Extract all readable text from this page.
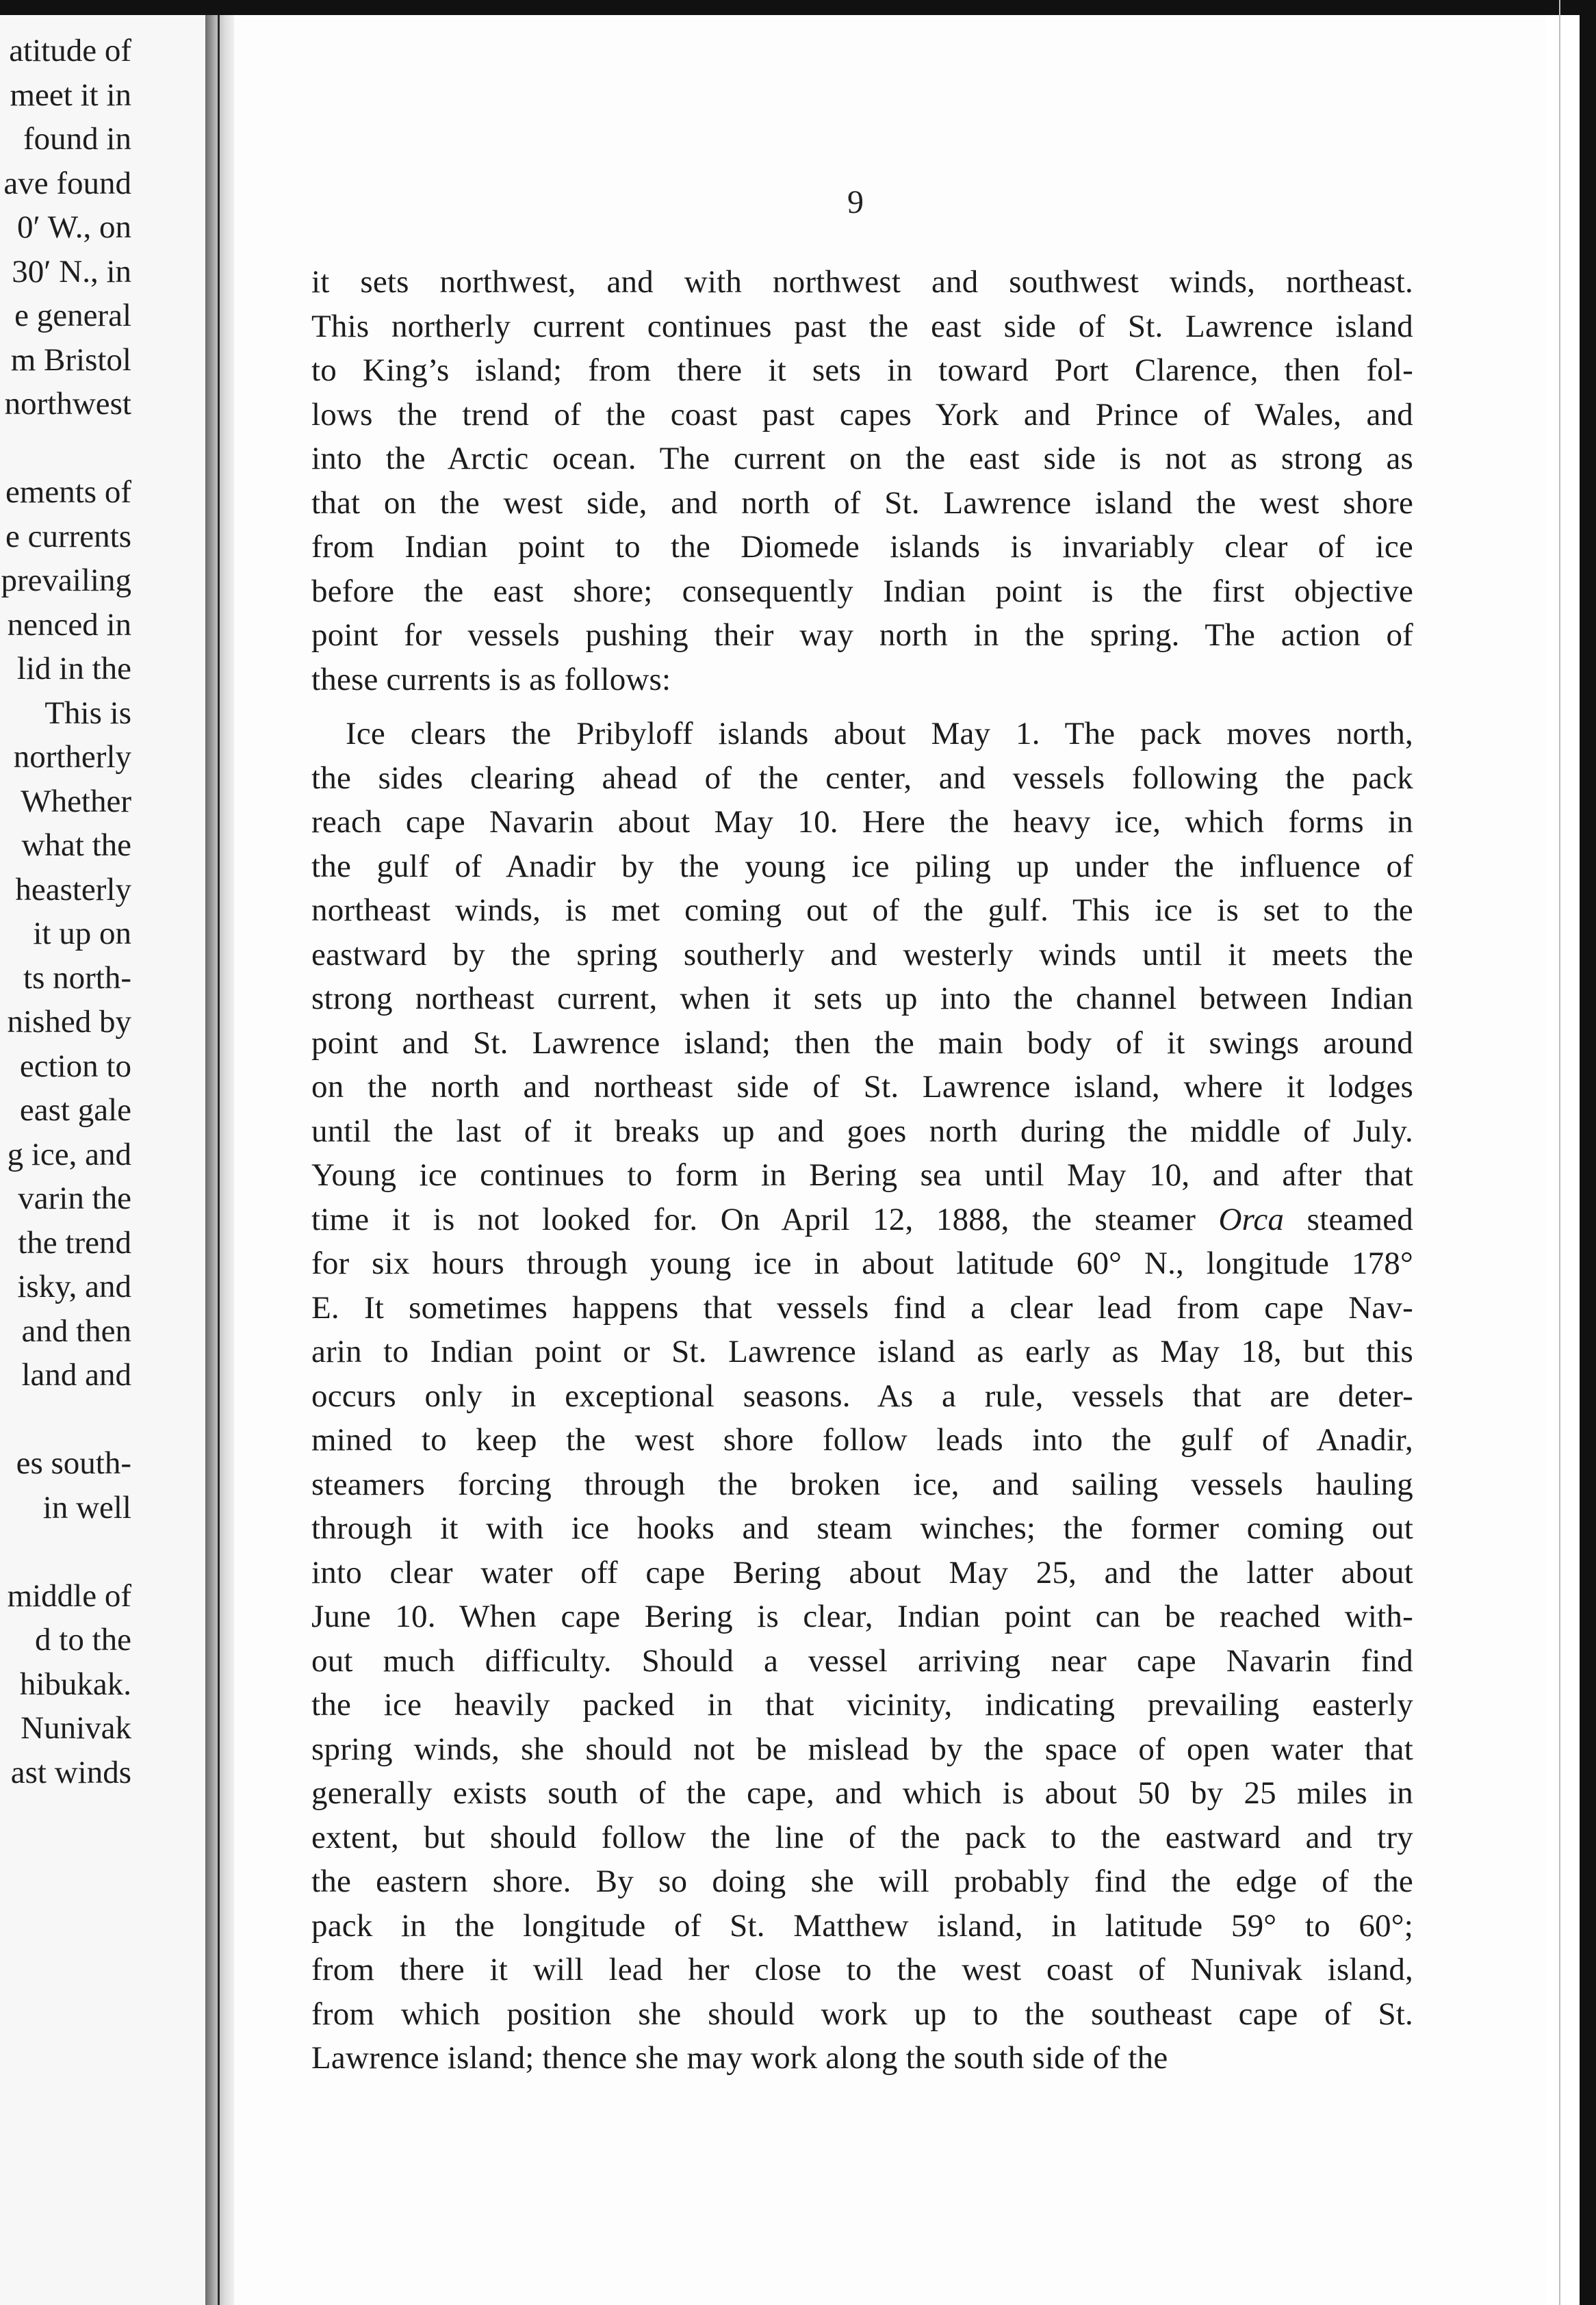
atitude of
meet it in
found in
ave found
0′ W., on
30′ N., in
e general
m Bristol
northwest
ements of
e currents
prevailing
nenced in
lid in the
This is
northerly
Whether
what the
heasterly
it up on
ts north-
nished by
ection to
east gale
g ice, and
varin the
the trend
isky, and
and then
land and
es south-
in well
middle of
d to the
hibukak.
Nunivak
ast winds
9
it sets northwest, and with northwest and southwest winds, northeast.
This northerly current continues past the east side of St. Lawrence island
to King’s island; from there it sets in toward Port Clarence, then fol-
lows the trend of the coast past capes York and Prince of Wales, and
into the Arctic ocean. The current on the east side is not as strong as
that on the west side, and north of St. Lawrence island the west shore
from Indian point to the Diomede islands is invariably clear of ice
before the east shore; consequently Indian point is the first objective
point for vessels pushing their way north in the spring. The action of
these currents is as follows:
Ice clears the Pribyloff islands about May 1. The pack moves north,
the sides clearing ahead of the center, and vessels following the pack
reach cape Navarin about May 10. Here the heavy ice, which forms in
the gulf of Anadir by the young ice piling up under the influence of
northeast winds, is met coming out of the gulf. This ice is set to the
eastward by the spring southerly and westerly winds until it meets the
strong northeast current, when it sets up into the channel between Indian
point and St. Lawrence island; then the main body of it swings around
on the north and northeast side of St. Lawrence island, where it lodges
until the last of it breaks up and goes north during the middle of July.
Young ice continues to form in Bering sea until May 10, and after that
time it is not looked for. On April 12, 1888, the steamer Orca steamed
for six hours through young ice in about latitude 60° N., longitude 178°
E. It sometimes happens that vessels find a clear lead from cape Nav-
arin to Indian point or St. Lawrence island as early as May 18, but this
occurs only in exceptional seasons. As a rule, vessels that are deter-
mined to keep the west shore follow leads into the gulf of Anadir,
steamers forcing through the broken ice, and sailing vessels hauling
through it with ice hooks and steam winches; the former coming out
into clear water off cape Bering about May 25, and the latter about
June 10. When cape Bering is clear, Indian point can be reached with-
out much difficulty. Should a vessel arriving near cape Navarin find
the ice heavily packed in that vicinity, indicating prevailing easterly
spring winds, she should not be mislead by the space of open water that
generally exists south of the cape, and which is about 50 by 25 miles in
extent, but should follow the line of the pack to the eastward and try
the eastern shore. By so doing she will probably find the edge of the
pack in the longitude of St. Matthew island, in latitude 59° to 60°;
from there it will lead her close to the west coast of Nunivak island,
from which position she should work up to the southeast cape of St.
Lawrence island; thence she may work along the south side of the
